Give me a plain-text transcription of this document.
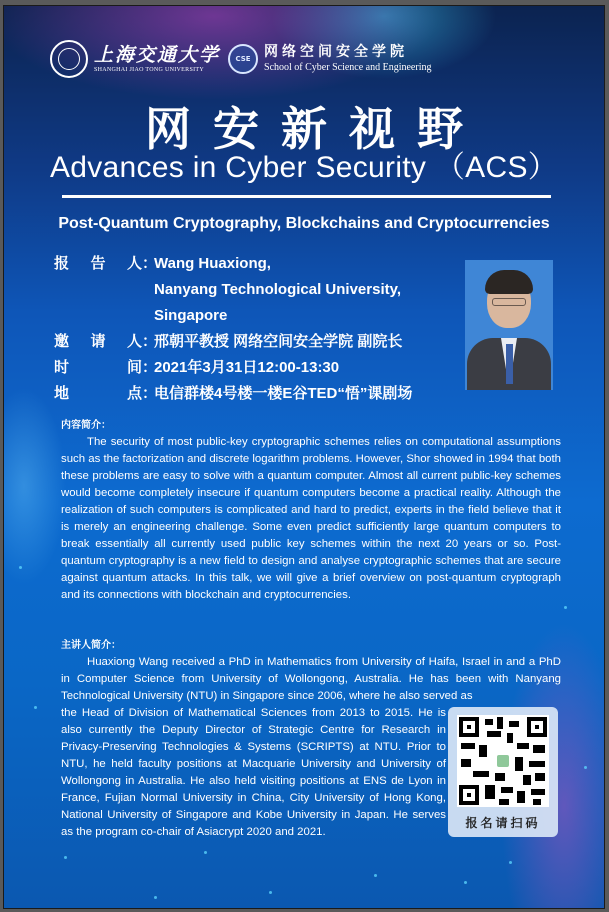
上海交通大学
SHANGHAI JIAO TONG UNIVERSITY
CSE 网络空间安全学院
School of Cyber Science and Engineering
网安新视野
Advances in Cyber Security （ACS）
Post-Quantum Cryptography, Blockchains and Cryptocurrencies
报 告 人 ：
Wang Huaxiong,
Nanyang Technological University,
Singapore
邀 请 人 ：
邢朝平教授 网络空间安全学院 副院长
时	间 ：
2021年3月31日12:00-13:30
地	点 ：
电信群楼4号楼一楼E谷TED“悟”课剧场
内容简介：
The security of most public-key cryptographic schemes relies on computational assumptions such as the factorization and discrete logarithm problems. However, Shor showed in 1994 that both these problems are easy to solve with a quantum computer. Almost all current public-key schemes would become completely insecure if quantum computers become a practical reality. Although the realization of such computers is complicated and hard to predict, experts in the field believe that it is merely an engineering challenge. Some even predict sufficiently large quantum computers to break essentially all currently used public key schemes within the next 20 years or so. Post-quantum cryptography is a new field to design and analyse cryptographic schemes that are secure against quantum attacks. In this talk, we will give a brief overview on post-quantum cryptograph and its connections with blockchain and cryptocurrencies.
主讲人简介：
Huaxiong Wang received a PhD in Mathematics from University of Haifa, Israel in and a PhD in Computer Science from University of Wollongong, Australia. He has been with Nanyang Technological University (NTU) in Singapore since 2006, where he also served as
the Head of Division of Mathematical Sciences from 2013 to 2015. He is also currently the Deputy Director of Strategic Centre for Research in Privacy-Preserving Technologies & Systems (SCRIPTS) at NTU. Prior to NTU, he held faculty positions at Macquarie University and University of Wollongong in Australia. He also held visiting positions at ENS de Lyon in France, Fujian Normal University in China, City University of Hong Kong, National University of Singapore and Kobe University in Japan. He serves as the program co-chair of Asiacrypt 2020 and 2021.
报名请扫码
